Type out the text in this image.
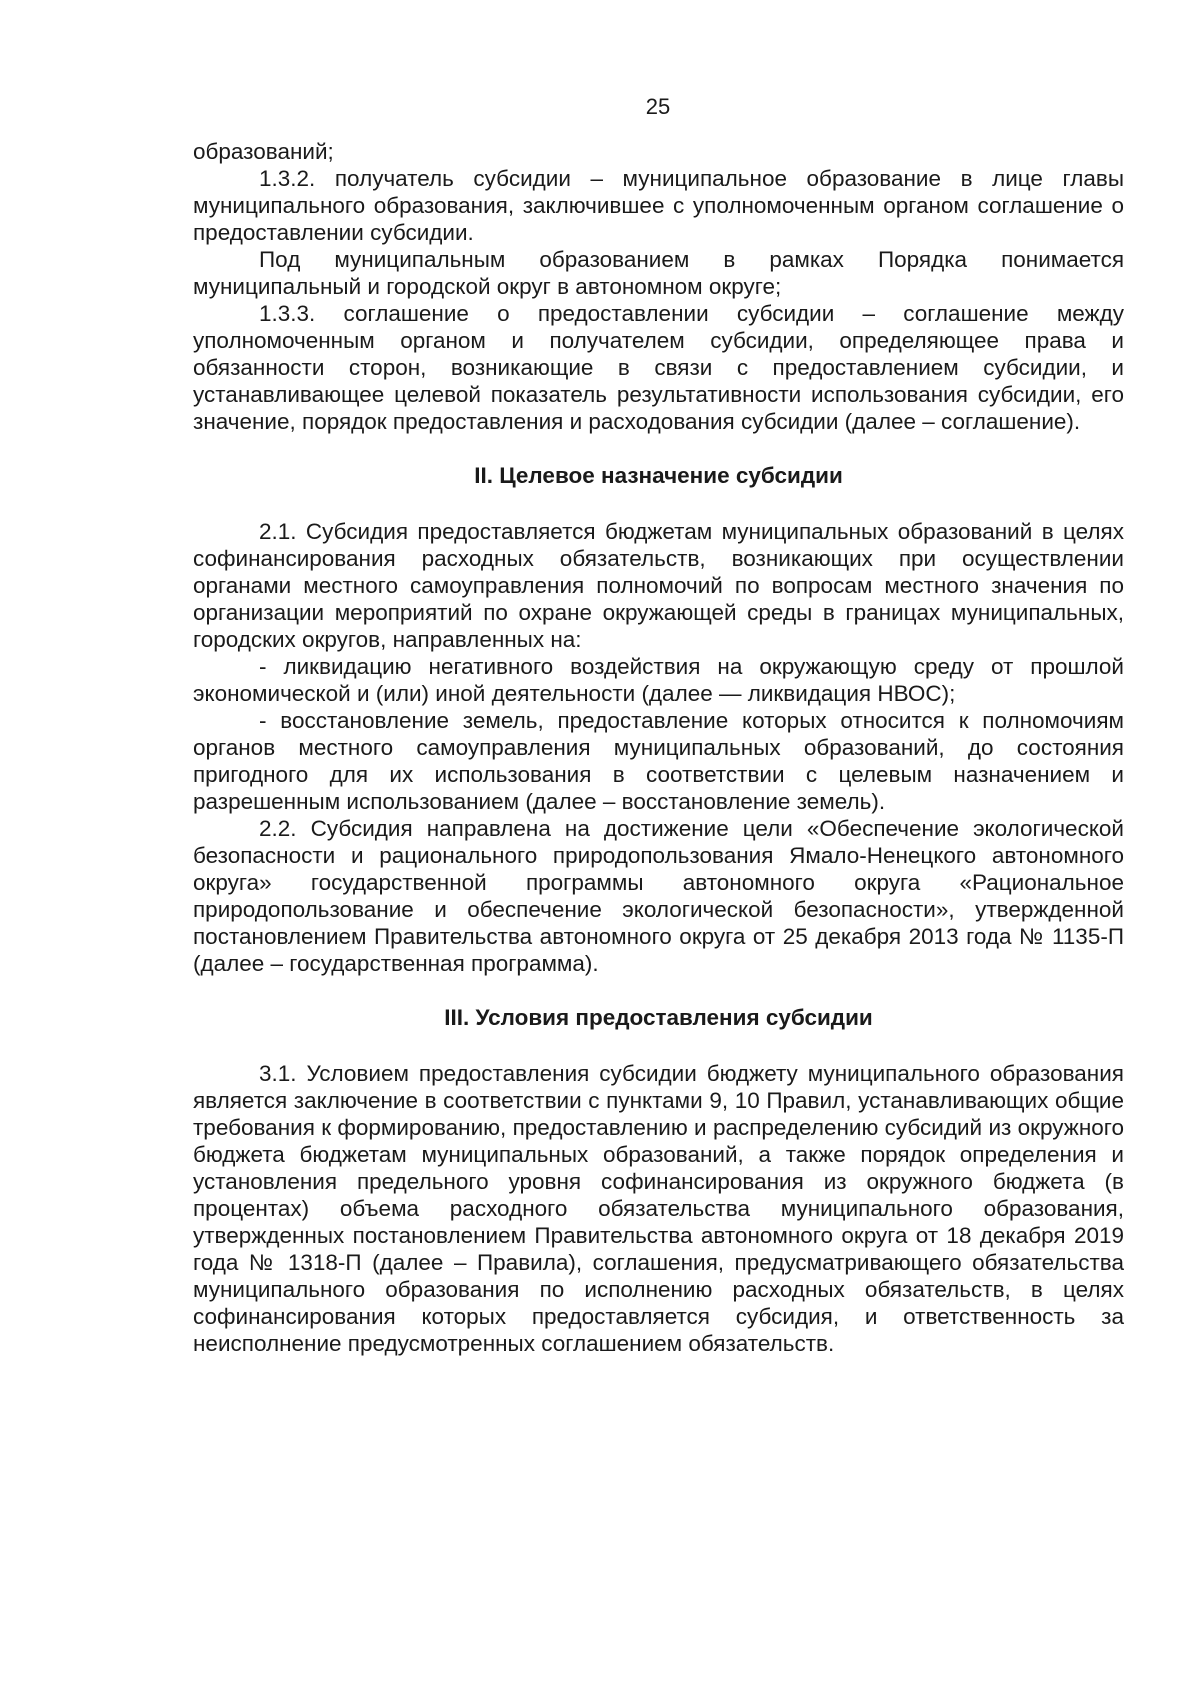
25

образований;

1.3.2. получатель субсидии – муниципальное образование в лице главы муниципального образования, заключившее с уполномоченным органом соглашение о предоставлении субсидии.

Под муниципальным образованием в рамках Порядка понимается муниципальный и городской округ в автономном округе;

1.3.3. соглашение о предоставлении субсидии – соглашение между уполномоченным органом и получателем субсидии, определяющее права и обязанности сторон, возникающие в связи с предоставлением субсидии, и устанавливающее целевой показатель результативности использования субсидии, его значение, порядок предоставления и расходования субсидии (далее – соглашение).

II. Целевое назначение субсидии

2.1. Субсидия предоставляется бюджетам муниципальных образований в целях софинансирования расходных обязательств, возникающих при осуществлении органами местного самоуправления полномочий по вопросам местного значения по организации мероприятий по охране окружающей среды в границах муниципальных, городских округов, направленных на:

- ликвидацию негативного воздействия на окружающую среду от прошлой экономической и (или) иной деятельности (далее — ликвидация НВОС);

- восстановление земель, предоставление которых относится к полномочиям органов местного самоуправления муниципальных образований, до состояния пригодного для их использования в соответствии с целевым назначением и разрешенным использованием (далее – восстановление земель).

2.2. Субсидия направлена на достижение цели «Обеспечение экологической безопасности и рационального природопользования Ямало-Ненецкого автономного округа» государственной программы автономного округа «Рациональное природопользование и обеспечение экологической безопасности», утвержденной постановлением Правительства автономного округа от 25 декабря 2013 года № 1135-П (далее – государственная программа).

III. Условия предоставления субсидии

3.1. Условием предоставления субсидии бюджету муниципального образования является заключение в соответствии с пунктами 9, 10 Правил, устанавливающих общие требования к формированию, предоставлению и распределению субсидий из окружного бюджета бюджетам муниципальных образований, а также порядок определения и установления предельного уровня софинансирования из окружного бюджета (в процентах) объема расходного обязательства муниципального образования, утвержденных постановлением Правительства автономного округа от 18 декабря 2019 года № 1318-П (далее – Правила), соглашения, предусматривающего обязательства муниципального образования по исполнению расходных обязательств, в целях софинансирования которых предоставляется субсидия, и ответственность за неисполнение предусмотренных соглашением обязательств.
